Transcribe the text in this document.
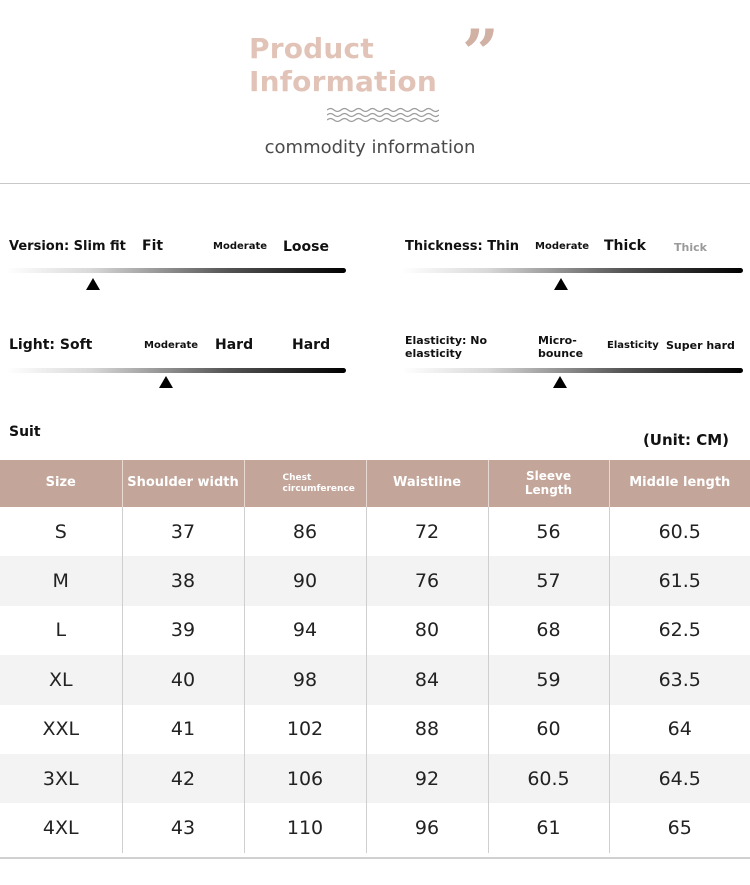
Product
Information ”
commodity information
Version: Slim fit Fit	Moderate Loose	Thickness: Thin Moderate Thick	Thick
Light: Soft	Moderate Hard	Hard	Elasticity: No elasticity
Micro-bounce
Elasticity Super hard
Suit	(Unit: CM)
Size	Shoulder width	Chest circumference	Waistline	Sleeve Length	Middle length
S	37	86	72	56	60.5
M	38	90	76	57	61.5
L	39	94	80	68	62.5
XL	40	98	84	59	63.5
XXL	41	102	88	60	64
3XL	42	106	92	60.5	64.5
4XL	43	110	96	61	65
